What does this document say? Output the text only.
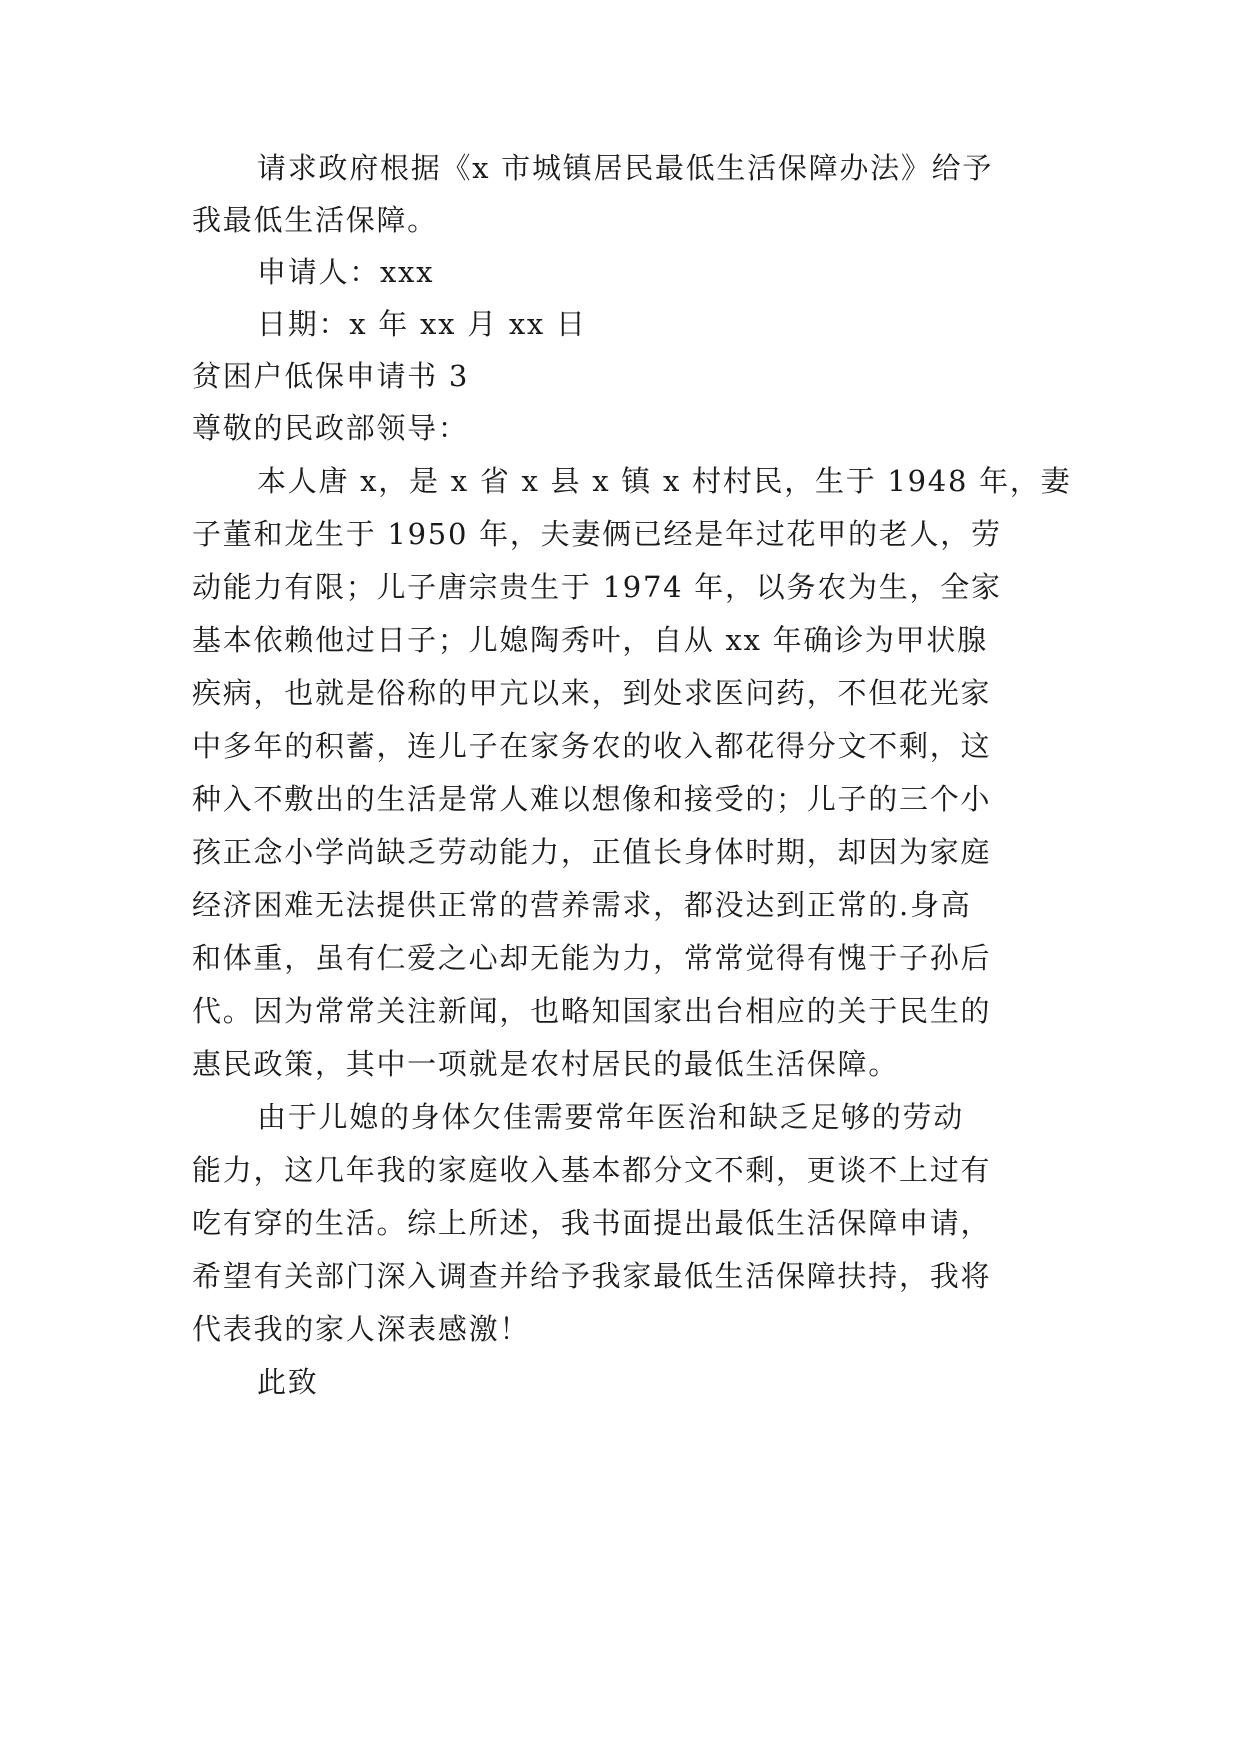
请求政府根据《x 市城镇居民最低生活保障办法》给予

我最低生活保障。

申请人：xxx

日期：x 年 xx 月 xx 日

贫困户低保申请书 3

尊敬的民政部领导：

本人唐 x，是 x 省 x 县 x 镇 x 村村民，生于 1948 年，妻

子董和龙生于 1950 年，夫妻俩已经是年过花甲的老人，劳

动能力有限；儿子唐宗贵生于 1974 年，以务农为生，全家

基本依赖他过日子；儿媳陶秀叶，自从 xx 年确诊为甲状腺

疾病，也就是俗称的甲亢以来，到处求医问药，不但花光家

中多年的积蓄，连儿子在家务农的收入都花得分文不剩，这

种入不敷出的生活是常人难以想像和接受的；儿子的三个小

孩正念小学尚缺乏劳动能力，正值长身体时期，却因为家庭

经济困难无法提供正常的营养需求，都没达到正常的.身高

和体重，虽有仁爱之心却无能为力，常常觉得有愧于子孙后

代。因为常常关注新闻，也略知国家出台相应的关于民生的

惠民政策，其中一项就是农村居民的最低生活保障。

由于儿媳的身体欠佳需要常年医治和缺乏足够的劳动

能力，这几年我的家庭收入基本都分文不剩，更谈不上过有

吃有穿的生活。综上所述，我书面提出最低生活保障申请，

希望有关部门深入调查并给予我家最低生活保障扶持，我将

代表我的家人深表感激！

此致
